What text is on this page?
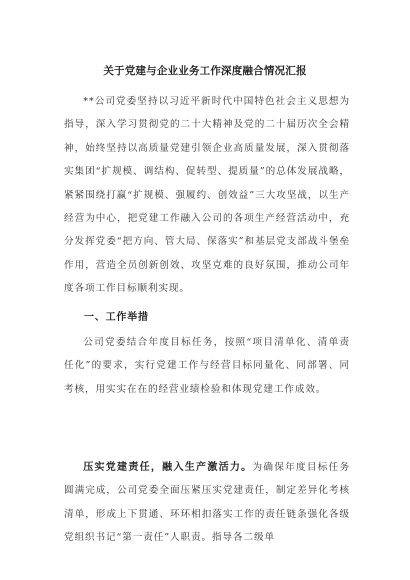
关于党建与企业业务工作深度融合情况汇报
**公司党委坚持以习近平新时代中国特色社会主义思想为指导，深入学习贯彻党的二十大精神及党的二十届历次全会精神，始终坚持以高质量党建引领企业高质量发展，深入贯彻落实集团“扩规模、调结构、促转型、提质量”的总体发展战略，紧紧围绕打赢“扩规模、强履约、创效益”三大攻坚战，以生产经营为中心，把党建工作融入公司的各项生产经营活动中，充分发挥党委“把方向、管大局、保落实”和基层党支部战斗堡垒作用，营造全员创新创效、攻坚克难的良好氛围，推动公司年度各项工作目标顺利实现。
一、工作举措
公司党委结合年度目标任务，按照“项目清单化、清单责任化”的要求，实行党建工作与经营目标同量化、同部署、同考核，用实实在在的经营业绩检验和体现党建工作成效。
压实党建责任，融入生产激活力。为确保年度目标任务圆满完成，公司党委全面压紧压实党建责任，制定差异化考核清单，形成上下贯通、环环相扣落实工作的责任链条强化各级党组织书记“第一责任”人职责。指导各二级单
